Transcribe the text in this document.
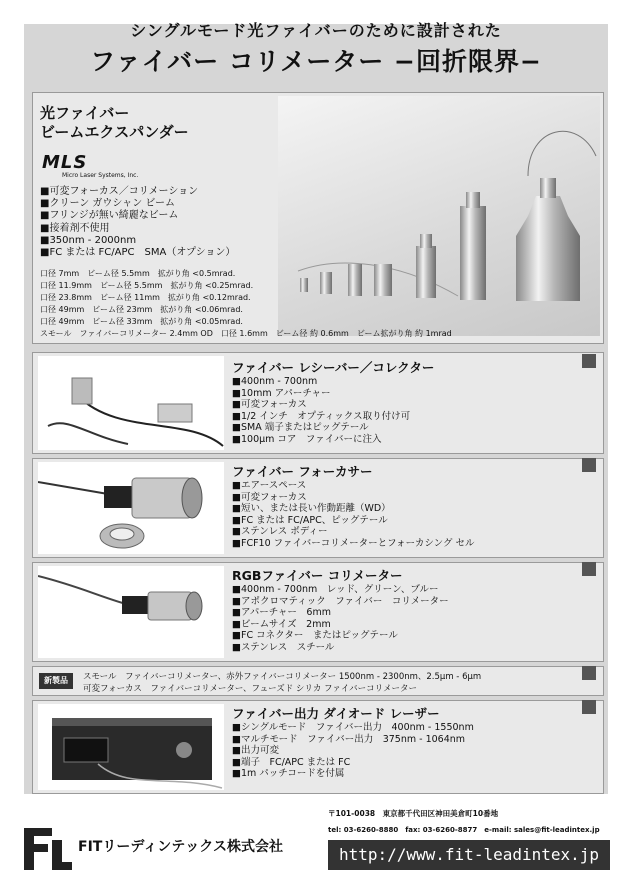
シングルモード光ファイバーのために設計された
ファイバー コリメーター −回折限界−
光ファイバー
ビームエクスパンダー
MLS
Micro Laser Systems, Inc.
■可変フォーカス／コリメーション
■クリーン ガウシャン ビーム
■フリンジが無い綺麗なビーム
■接着剤不使用
■350nm - 2000nm
■FC または FC/APC　SMA（オプション）
口径 7mm　ビーム径 5.5mm　拡がり角 <0.5mrad.
口径 11.9mm　ビーム径 5.5mm　拡がり角 <0.25mrad.
口径 23.8mm　ビーム径 11mm　拡がり角 <0.12mrad.
口径 49mm　ビーム径 23mm　拡がり角 <0.06mrad.
口径 49mm　ビーム径 33mm　拡がり角 <0.05mrad.
スモール　ファイバーコリメーター 2.4mm OD　口径 1.6mm　ビーム径 約 0.6mm　ビーム拡がり角 約 1mrad
ファイバー レシーバー／コレクター
■400nm - 700nm
■10mm アパーチャー
■可変フォーカス
■1/2 インチ　オプティックス取り付け可
■SMA 端子またはピッグテール
■100μm コア　ファイバーに注入
ファイバー フォーカサー
■エアースペース
■可変フォーカス
■短い、または長い作動距離（WD）
■FC または FC/APC、ピッグテール
■ステンレス ボディー
■FCF10 ファイバーコリメーターとフォーカシング セル
RGBファイバー コリメーター
■400nm - 700nm　レッド、グリーン、ブルー
■アポクロマティック　ファイバー　コリメーター
■アパーチャー　6mm
■ビームサイズ　2mm
■FC コネクター　またはピッグテール
■ステンレス　スチール
新製品	スモール　ファイバーコリメーター、赤外ファイバーコリメーター 1500nm - 2300nm、2.5μm - 6μm
可変フォーカス　ファイバーコリメーター、フューズド シリカ ファイバーコリメーター
ファイバー出力 ダイオード レーザー
■シングルモード　ファイバー出力　400nm - 1550nm
■マルチモード　ファイバー出力　375nm - 1064nm
■出力可変
■端子　FC/APC または FC
■1m パッチコードを付属
FITリーディンテックス株式会社
〒101-0038　東京都千代田区神田美倉町10番地
tel: 03-6260-8880　fax: 03-6260-8877　e-mail: sales@fit-leadintex.jp
http://www.fit-leadintex.jp
